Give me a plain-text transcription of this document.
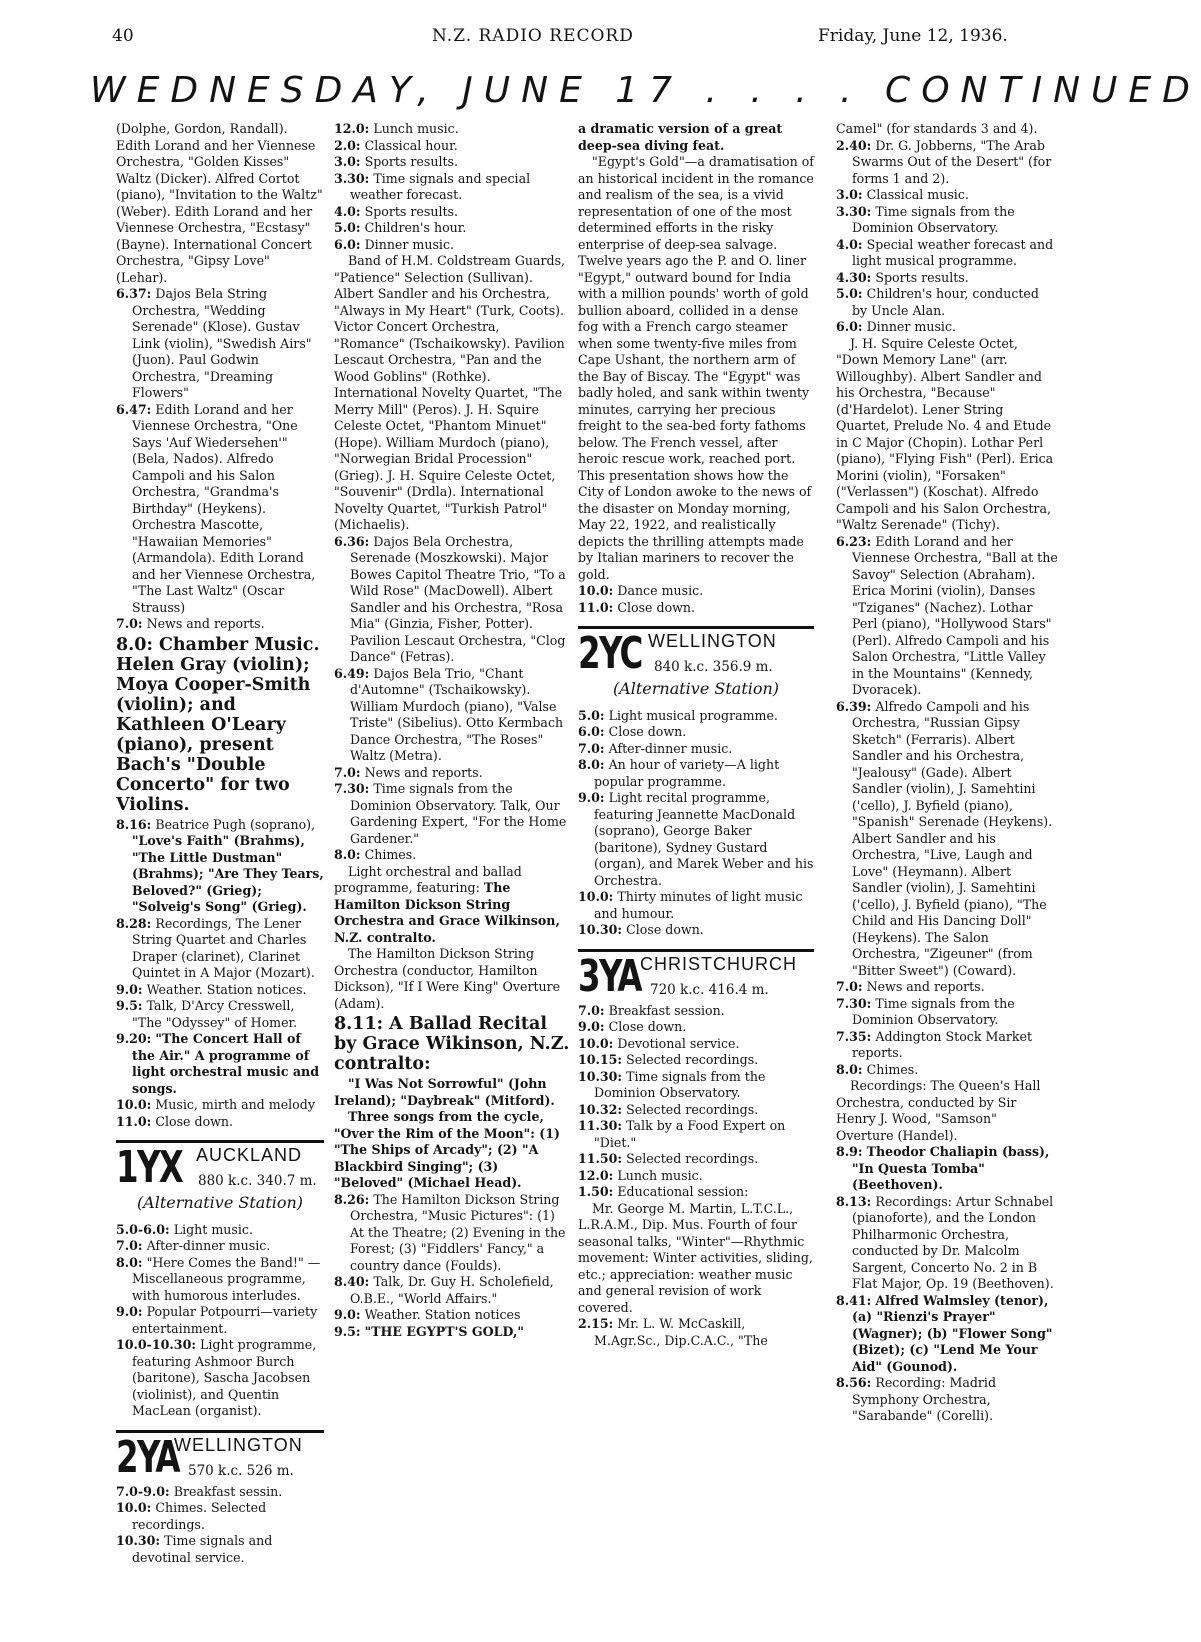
40	N.Z. RADIO RECORD	Friday, June 12, 1936.
WEDNESDAY, JUNE 17 . . . . CONTINUED

(Dolphe, Gordon, Randall). Edith Lorand and her Viennese Orchestra, "Golden Kisses" Waltz (Dicker). Alfred Cortot (piano), "Invitation to the Waltz" (Weber). Edith Lorand and her Viennese Orchestra, "Ecstasy" (Bayne). International Concert Orchestra, "Gipsy Love" (Lehar).

6.37: Dajos Bela String Orchestra, "Wedding Serenade" (Klose). Gustav Link (violin), "Swedish Airs" (Juon). Paul Godwin Orchestra, "Dreaming Flowers"

6.47: Edith Lorand and her Viennese Orchestra, "One Says 'Auf Wiedersehen'" (Bela, Nados). Alfredo Campoli and his Salon Orchestra, "Grandma's Birthday" (Heykens). Orchestra Mascotte, "Hawaiian Memories" (Armandola). Edith Lorand and her Viennese Orchestra, "The Last Waltz" (Oscar Strauss)

7.0: News and reports.

8.0: Chamber Music. Helen Gray (violin); Moya Cooper-Smith (violin); and Kathleen O'Leary (piano), present Bach's "Double Concerto" for two Violins.

8.16: Beatrice Pugh (soprano), "Love's Faith" (Brahms), "The Little Dustman" (Brahms); "Are They Tears, Beloved?" (Grieg); "Solveig's Song" (Grieg).

8.28: Recordings, The Lener String Quartet and Charles Draper (clarinet), Clarinet Quintet in A Major (Mozart).

9.0: Weather. Station notices.

9.5: Talk, D'Arcy Cresswell, "The "Odyssey" of Homer.

9.20: "The Concert Hall of the Air." A programme of light orchestral music and songs.

10.0: Music, mirth and melody

11.0: Close down.

1YX AUCKLAND
880 k.c. 340.7 m.
(Alternative Station)

5.0-6.0: Light music.

7.0: After-dinner music.

8.0: "Here Comes the Band!" —Miscellaneous programme, with humorous interludes.

9.0: Popular Potpourri—variety entertainment.

10.0-10.30: Light programme, featuring Ashmoor Burch (baritone), Sascha Jacobsen (violinist), and Quentin MacLean (organist).

2YA
WELLINGTON
570 k.c. 526 m.

7.0-9.0: Breakfast sessin.

10.0: Chimes. Selected recordings.

10.30: Time signals and devotinal service.

12.0: Lunch music.

2.0: Classical hour.

3.0: Sports results.

3.30: Time signals and special weather forecast.

4.0: Sports results.

5.0: Children's hour.

6.0: Dinner music.

Band of H.M. Coldstream Guards, "Patience" Selection (Sullivan). Albert Sandler and his Orchestra, "Always in My Heart" (Turk, Coots). Victor Concert Orchestra, "Romance" (Tschaikowsky). Pavilion Lescaut Orchestra, "Pan and the Wood Goblins" (Rothke). International Novelty Quartet, "The Merry Mill" (Peros). J. H. Squire Celeste Octet, "Phantom Minuet" (Hope). William Murdoch (piano), "Norwegian Bridal Procession" (Grieg). J. H. Squire Celeste Octet, "Souvenir" (Drdla). International Novelty Quartet, "Turkish Patrol" (Michaelis).

6.36: Dajos Bela Orchestra, Serenade (Moszkowski). Major Bowes Capitol Theatre Trio, "To a Wild Rose" (MacDowell). Albert Sandler and his Orchestra, "Rosa Mia" (Ginzia, Fisher, Potter). Pavilion Lescaut Orchestra, "Clog Dance" (Fetras).

6.49: Dajos Bela Trio, "Chant d'Automne" (Tschaikowsky). William Murdoch (piano), "Valse Triste" (Sibelius). Otto Kermbach Dance Orchestra, "The Roses" Waltz (Metra).

7.0: News and reports.

7.30: Time signals from the Dominion Observatory. Talk, Our Gardening Expert, "For the Home Gardener."

8.0: Chimes.

Light orchestral and ballad programme, featuring: The Hamilton Dickson String Orchestra and Grace Wilkinson, N.Z. contralto.

The Hamilton Dickson String Orchestra (conductor, Hamilton Dickson), "If I Were King" Overture (Adam).

8.11: A Ballad Recital by Grace Wikinson, N.Z. contralto:

"I Was Not Sorrowful" (John Ireland); "Daybreak" (Mitford).

Three songs from the cycle, "Over the Rim of the Moon": (1) "The Ships of Arcady"; (2) "A Blackbird Singing"; (3) "Beloved" (Michael Head).

8.26: The Hamilton Dickson String Orchestra, "Music Pictures": (1) At the Theatre; (2) Evening in the Forest; (3) "Fiddlers' Fancy," a country dance (Foulds).

8.40: Talk, Dr. Guy H. Scholefield, O.B.E., "World Affairs."

9.0: Weather. Station notices

9.5: "THE EGYPT'S GOLD,"

a dramatic version of a great deep-sea diving feat.

"Egypt's Gold"—a dramatisation of an historical incident in the romance and realism of the sea, is a vivid representation of one of the most determined efforts in the risky enterprise of deep-sea salvage. Twelve years ago the P. and O. liner "Egypt," outward bound for India with a million pounds' worth of gold bullion aboard, collided in a dense fog with a French cargo steamer when some twenty-five miles from Cape Ushant, the northern arm of the Bay of Biscay. The "Egypt" was badly holed, and sank within twenty minutes, carrying her precious freight to the sea-bed forty fathoms below. The French vessel, after heroic rescue work, reached port. This presentation shows how the City of London awoke to the news of the disaster on Monday morning, May 22, 1922, and realistically depicts the thrilling attempts made by Italian mariners to recover the gold.

10.0: Dance music.

11.0: Close down.

2YC WELLINGTON
840 k.c. 356.9 m.
(Alternative Station)

5.0: Light musical programme.

6.0: Close down.

7.0: After-dinner music.

8.0: An hour of variety—A light popular programme.

9.0: Light recital programme, featuring Jeannette MacDonald (soprano), George Baker (baritone), Sydney Gustard (organ), and Marek Weber and his Orchestra.

10.0: Thirty minutes of light music and humour.

10.30: Close down.

3YA CHRISTCHURCH
720 k.c. 416.4 m.

7.0: Breakfast session.

9.0: Close down.

10.0: Devotional service.

10.15: Selected recordings.

10.30: Time signals from the Dominion Observatory.

10.32: Selected recordings.

11.30: Talk by a Food Expert on "Diet."

11.50: Selected recordings.

12.0: Lunch music.

1.50: Educational session:

Mr. George M. Martin, L.T.C.L., L.R.A.M., Dip. Mus. Fourth of four seasonal talks, "Winter"—Rhythmic movement: Winter activities, sliding, etc.; appreciation: weather music and general revision of work covered.

2.15: Mr. L. W. McCaskill, M.Agr.Sc., Dip.C.A.C., "The

Camel" (for standards 3 and 4).

2.40: Dr. G. Jobberns, "The Arab Swarms Out of the Desert" (for forms 1 and 2).

3.0: Classical music.

3.30: Time signals from the Dominion Observatory.

4.0: Special weather forecast and light musical programme.

4.30: Sports results.

5.0: Children's hour, conducted by Uncle Alan.

6.0: Dinner music.

J. H. Squire Celeste Octet, "Down Memory Lane" (arr. Willoughby). Albert Sandler and his Orchestra, "Because" (d'Hardelot). Lener String Quartet, Prelude No. 4 and Etude in C Major (Chopin). Lothar Perl (piano), "Flying Fish" (Perl). Erica Morini (violin), "Forsaken" ("Verlassen") (Koschat). Alfredo Campoli and his Salon Orchestra, "Waltz Serenade" (Tichy).

6.23: Edith Lorand and her Viennese Orchestra, "Ball at the Savoy" Selection (Abraham). Erica Morini (violin), Danses "Tziganes" (Nachez). Lothar Perl (piano), "Hollywood Stars" (Perl). Alfredo Campoli and his Salon Orchestra, "Little Valley in the Mountains" (Kennedy, Dvoracek).

6.39: Alfredo Campoli and his Orchestra, "Russian Gipsy Sketch" (Ferraris). Albert Sandler and his Orchestra, "Jealousy" (Gade). Albert Sandler (violin), J. Samehtini ('cello), J. Byfield (piano), "Spanish" Serenade (Heykens). Albert Sandler and his Orchestra, "Live, Laugh and Love" (Heymann). Albert Sandler (violin), J. Samehtini ('cello), J. Byfield (piano), "The Child and His Dancing Doll" (Heykens). The Salon Orchestra, "Zigeuner" (from "Bitter Sweet") (Coward).

7.0: News and reports.

7.30: Time signals from the Dominion Observatory.

7.35: Addington Stock Market reports.

8.0: Chimes.

Recordings: The Queen's Hall Orchestra, conducted by Sir Henry J. Wood, "Samson" Overture (Handel).

8.9: Theodor Chaliapin (bass), "In Questa Tomba" (Beethoven).

8.13: Recordings: Artur Schnabel (pianoforte), and the London Philharmonic Orchestra, conducted by Dr. Malcolm Sargent, Concerto No. 2 in B Flat Major, Op. 19 (Beethoven).

8.41: Alfred Walmsley (tenor), (a) "Rienzi's Prayer" (Wagner); (b) "Flower Song" (Bizet); (c) "Lend Me Your Aid" (Gounod).

8.56: Recording: Madrid Symphony Orchestra, "Sarabande" (Corelli).
